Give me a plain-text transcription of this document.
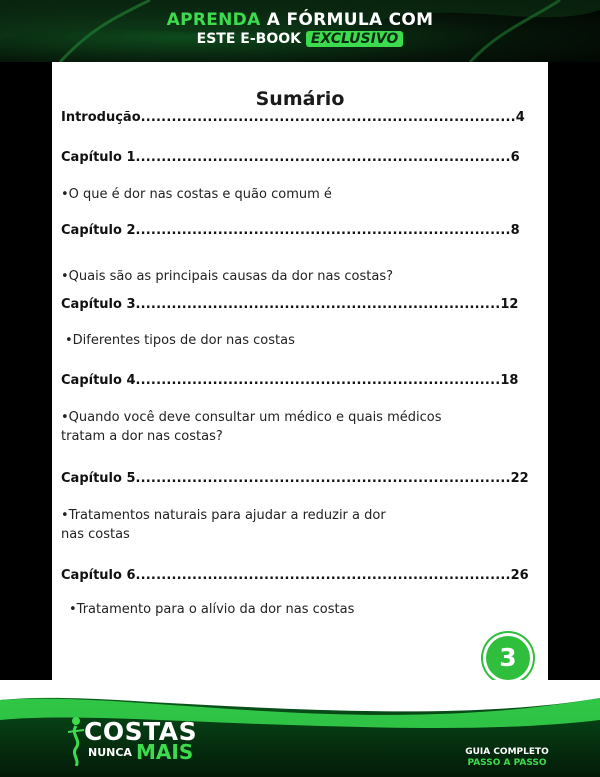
APRENDA A FÓRMULA COM
ESTE E-BOOK EXCLUSIVO
Sumário
Introdução.........................................................................4
Capítulo 1.........................................................................6
•O que é dor nas costas e quão comum é
Capítulo 2.........................................................................8
•Quais são as principais causas da dor nas costas?
Capítulo 3.......................................................................12
•Diferentes tipos de dor nas costas
Capítulo 4.......................................................................18
•Quando você deve consultar um médico e quais médicos
tratam a dor nas costas?
Capítulo 5.........................................................................22
•Tratamentos naturais para ajudar a reduzir a dor
nas costas
Capítulo 6.........................................................................26
•Tratamento para o alívio da dor nas costas
3
COSTAS
NUNCA MAIS	GUIA COMPLETO
PASSO A PASSO
